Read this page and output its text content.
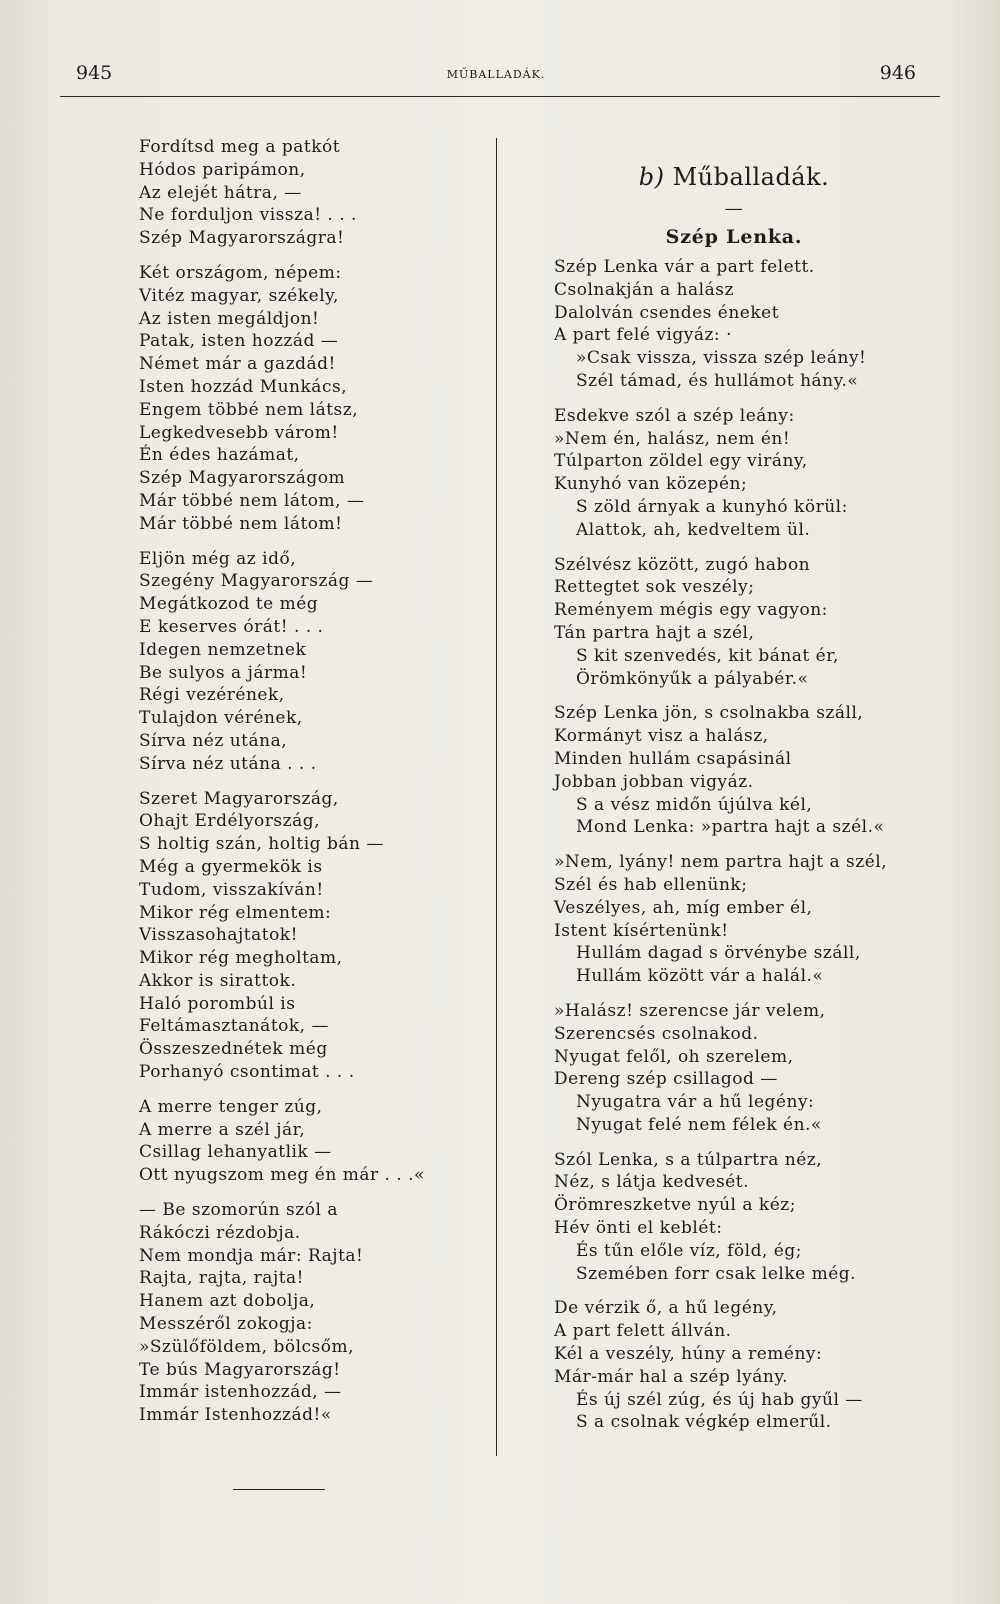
945	MŰBALLADÁK.	946
Fordítsd meg a patkót
Hódos paripámon,
Az elejét hátra, —
Ne forduljon vissza! . . .
Szép Magyarországra!
Két országom, népem:
Vitéz magyar, székely,
Az isten megáldjon!
Patak, isten hozzád —
Német már a gazdád!
Isten hozzád Munkács,
Engem többé nem látsz,
Legkedvesebb várom!
Én édes hazámat,
Szép Magyarországom
Már többé nem látom, —
Már többé nem látom!
Eljön még az idő,
Szegény Magyarország —
Megátkozod te még
E keserves órát! . . .
Idegen nemzetnek
Be sulyos a járma!
Régi vezérének,
Tulajdon vérének,
Sírva néz utána,
Sírva néz utána . . .
Szeret Magyarország,
Ohajt Erdélyország,
S holtig szán, holtig bán —
Még a gyermekök is
Tudom, visszakíván!
Mikor rég elmentem:
Visszasohajtatok!
Mikor rég megholtam,
Akkor is sirattok.
Haló porombúl is
Feltámasztanátok, —
Összeszednétek még
Porhanyó csontimat . . .
A merre tenger zúg,
A merre a szél jár,
Csillag lehanyatlik —
Ott nyugszom meg én már . . .«
— Be szomorún szól a
Rákóczi rézdobja.
Nem mondja már: Rajta!
Rajta, rajta, rajta!
Hanem azt dobolja,
Messzéről zokogja:
»Szülőföldem, bölcsőm,
Te bús Magyarország!
Immár istenhozzád, —
Immár Istenhozzád!«
b) Műballadák.
—
Szép Lenka.
Szép Lenka vár a part felett.
Csolnakján a halász
Dalolván csendes éneket
A part felé vigyáz: ·
»Csak vissza, vissza szép leány!
Szél támad, és hullámot hány.«
Esdekve szól a szép leány:
»Nem én, halász, nem én!
Túlparton zöldel egy virány,
Kunyhó van közepén;
S zöld árnyak a kunyhó körül:
Alattok, ah, kedveltem ül.
Szélvész között, zugó habon
Rettegtet sok veszély;
Reményem mégis egy vagyon:
Tán partra hajt a szél,
S kit szenvedés, kit bánat ér,
Örömkönyűk a pályabér.«
Szép Lenka jön, s csolnakba száll,
Kormányt visz a halász,
Minden hullám csapásinál
Jobban jobban vigyáz.
S a vész midőn újúlva kél,
Mond Lenka: »partra hajt a szél.«
»Nem, lyány! nem partra hajt a szél,
Szél és hab ellenünk;
Veszélyes, ah, míg ember él,
Istent kísértenünk!
Hullám dagad s örvénybe száll,
Hullám között vár a halál.«
»Halász! szerencse jár velem,
Szerencsés csolnakod.
Nyugat felől, oh szerelem,
Dereng szép csillagod —
Nyugatra vár a hű legény:
Nyugat felé nem félek én.«
Szól Lenka, s a túlpartra néz,
Néz, s látja kedvesét.
Örömreszketve nyúl a kéz;
Hév önti el keblét:
És tűn előle víz, föld, ég;
Szemében forr csak lelke még.
De vérzik ő, a hű legény,
A part felett állván.
Kél a veszély, húny a remény:
Már-már hal a szép lyány.
És új szél zúg, és új hab gyűl —
S a csolnak végkép elmerűl.
